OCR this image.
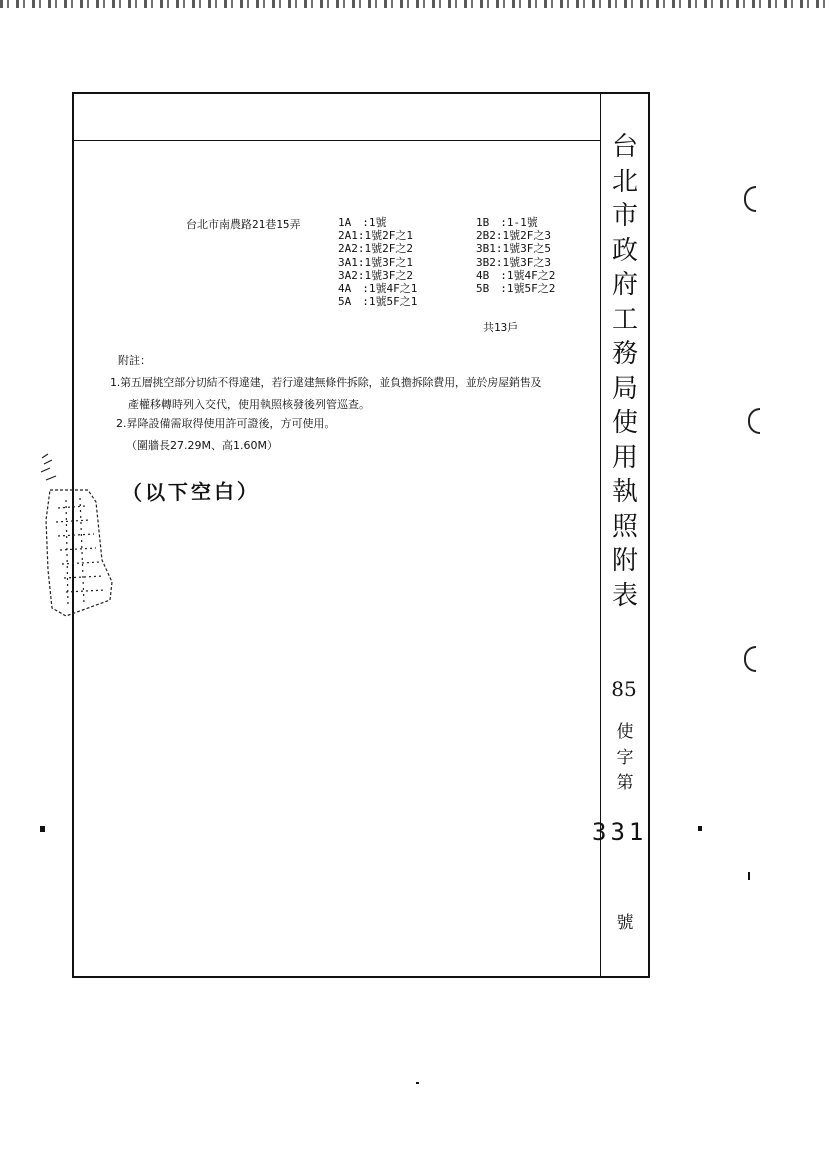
台北市政府工務局使用執照附表
85
使
字
第
331
號
台北市南農路21巷15弄	1A　:1號
2A1:1號2F之1
2A2:1號2F之2
3A1:1號3F之1
3A2:1號3F之2
4A　:1號4F之1
5A　:1號5F之1
1B　:1-1號
2B2:1號2F之3
3B1:1號3F之5
3B2:1號3F之3
4B　:1號4F之2
5B　:1號5F之2
共13戶
附註：
1.第五層挑空部分切結不得違建，若行違建無條件拆除，並負擔拆除費用，並於房屋銷售及
產權移轉時列入交代，使用執照核發後列管巡查。
2.昇降設備需取得使用許可證後，方可使用。
（圍牆長27.29M、高1.60M）
（以下空白）
